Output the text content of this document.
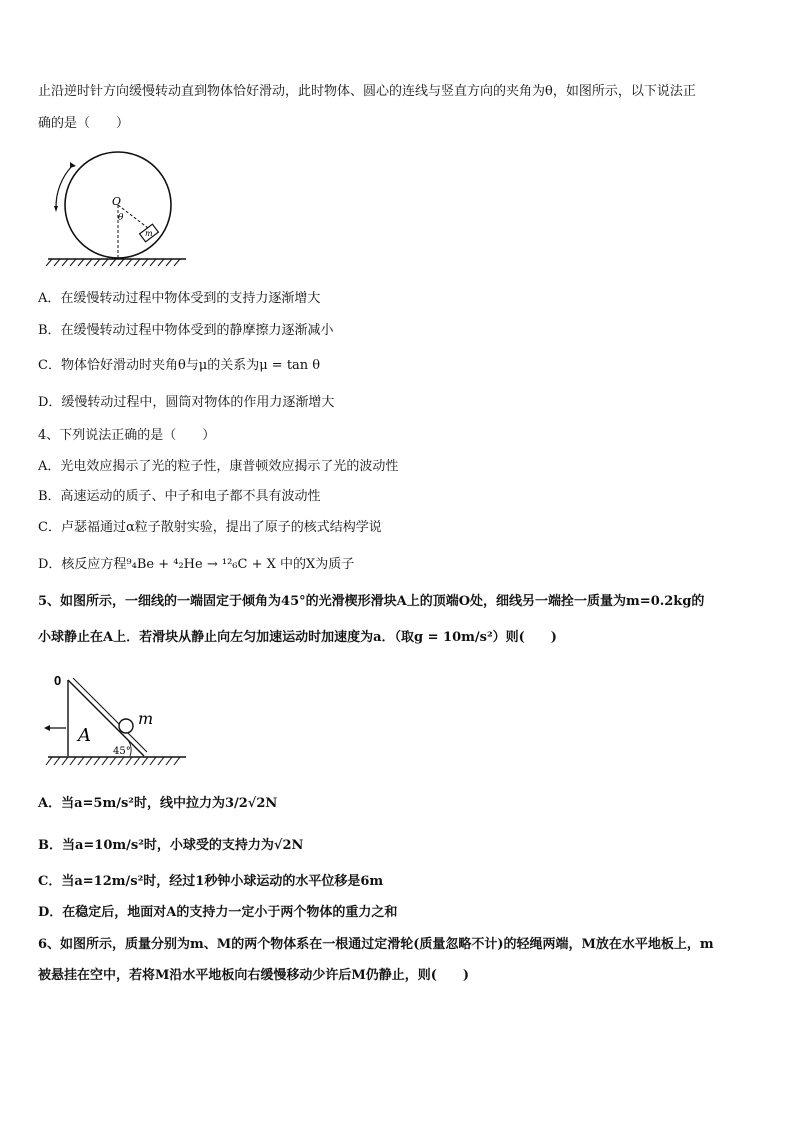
止沿逆时针方向缓慢转动直到物体恰好滑动，此时物体、圆心的连线与竖直方向的夹角为θ，如图所示，以下说法正
确的是（　　）
O
θ
m
A．在缓慢转动过程中物体受到的支持力逐渐增大
B．在缓慢转动过程中物体受到的静摩擦力逐渐减小
C．物体恰好滑动时夹角θ与μ的关系为μ = tan θ
D．缓慢转动过程中，圆筒对物体的作用力逐渐增大
4、下列说法正确的是（　　）
A．光电效应揭示了光的粒子性，康普顿效应揭示了光的波动性
B．高速运动的质子、中子和电子都不具有波动性
C．卢瑟福通过α粒子散射实验，提出了原子的核式结构学说
D．核反应方程⁹₄Be + ⁴₂He → ¹²₆C + X 中的X为质子
5、如图所示，一细线的一端固定于倾角为45°的光滑楔形滑块A上的顶端O处，细线另一端拴一质量为m=0.2kg的
小球静止在A上．若滑块从静止向左匀加速运动时加速度为a．（取g = 10m/s²）则(　　)
0
m
A
45°
A．当a=5m/s²时，线中拉力为3/2√2N
B．当a=10m/s²时，小球受的支持力为√2N
C．当a=12m/s²时，经过1秒钟小球运动的水平位移是6m
D．在稳定后，地面对A的支持力一定小于两个物体的重力之和
6、如图所示，质量分别为m、M的两个物体系在一根通过定滑轮(质量忽略不计)的轻绳两端，M放在水平地板上，m
被悬挂在空中，若将M沿水平地板向右缓慢移动少许后M仍静止，则(　　)
